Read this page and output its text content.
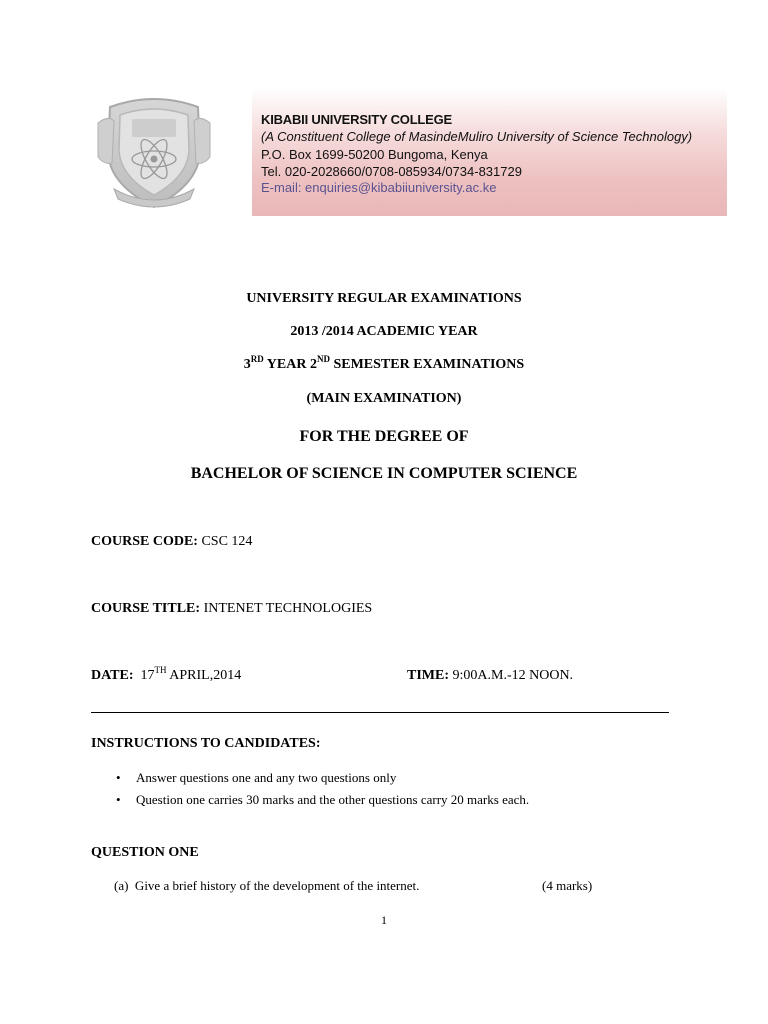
KIBABII UNIVERSITY COLLEGE
(A Constituent College of MasindeMuliro University of Science Technology)
P.O. Box 1699-50200 Bungoma, Kenya
Tel. 020-2028660/0708-085934/0734-831729
E-mail: enquiries@kibabiiuniversity.ac.ke
UNIVERSITY REGULAR EXAMINATIONS
2013 /2014 ACADEMIC YEAR
3RD YEAR 2ND SEMESTER EXAMINATIONS
(MAIN EXAMINATION)
FOR THE DEGREE OF
BACHELOR OF SCIENCE IN COMPUTER SCIENCE
COURSE CODE: CSC 124
COURSE TITLE: INTENET TECHNOLOGIES
DATE:  17TH APRIL,2014	TIME: 9:00A.M.-12 NOON.
INSTRUCTIONS TO CANDIDATES:
• Answer questions one and any two questions only
• Question one carries 30 marks and the other questions carry 20 marks each.
QUESTION ONE
(a)  Give a brief history of the development of the internet.	(4 marks)
1
